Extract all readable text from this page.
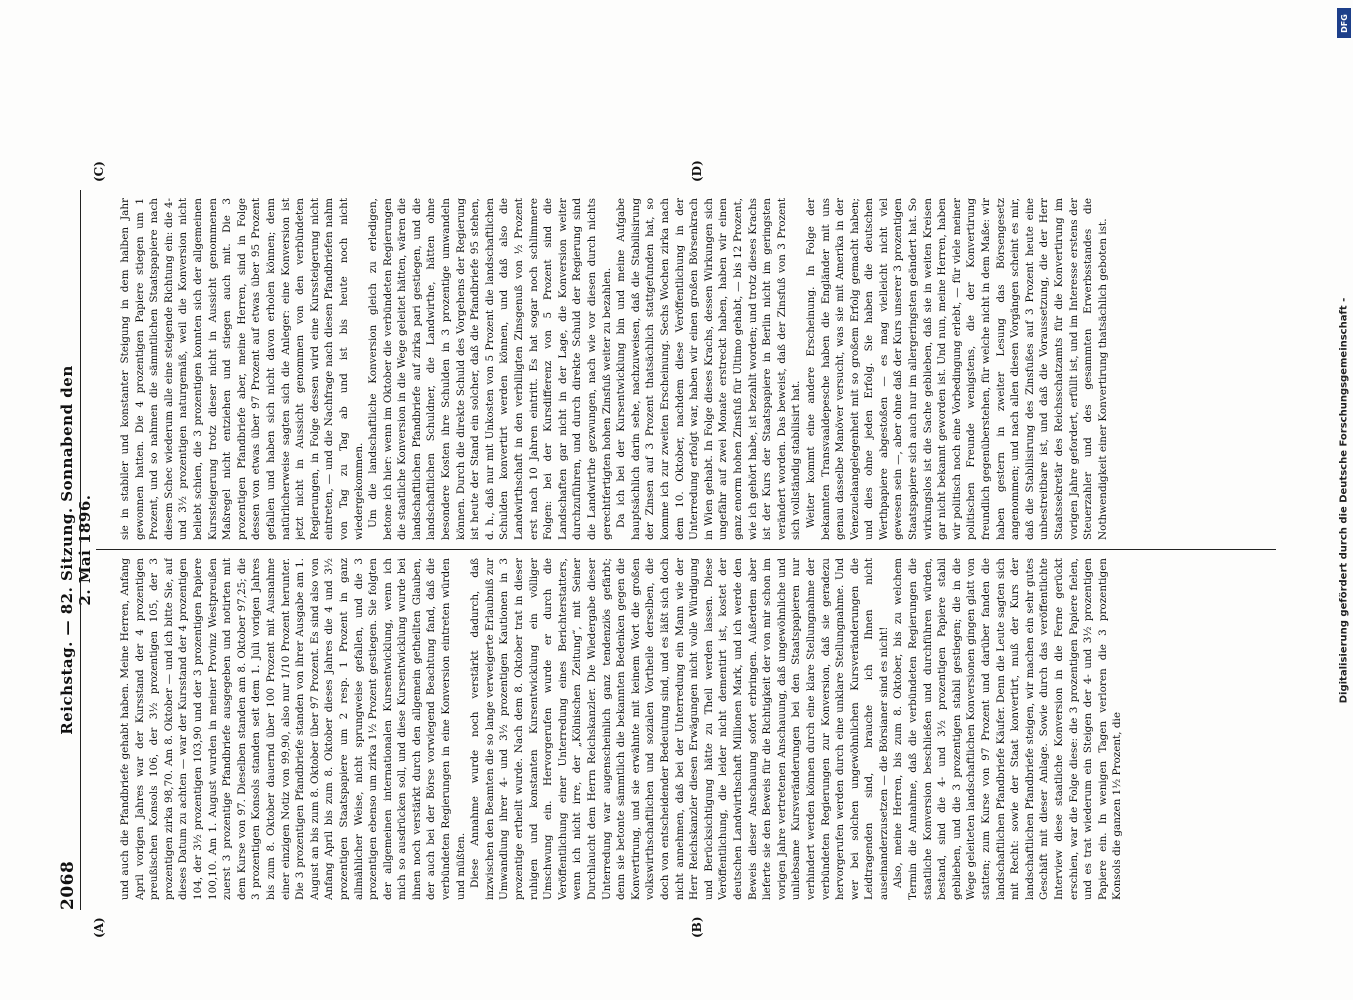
2068
Reichstag. — 82. Sitzung. Sonnabend den 2. Mai 1896.
(A)	(B)
(C)	(D)

und auch die Pfandbriefe gehabt haben. Meine Herren, Anfang April vorigen Jahres war der Kursstand der 4 prozentigen preußischen Konsols 106, der 3½ prozentigen 105, der 3 prozentigen zirka 98,70. Am 8. Oktober — und ich bitte Sie, auf dieses Datum zu achten — war der Kursstand der 4 prozentigen 104, der 3½ prozentigen 103,90 und der 3 prozentigen Papiere 100,10. Am 1. August wurden in meiner Provinz Westpreußen zuerst 3 prozentige Pfandbriefe ausgegeben und notirten mit dem Kurse von 97. Dieselben standen am 8. Oktober 97,25; die 3 prozentigen Konsols standen seit dem 1. Juli vorigen Jahres bis zum 8. Oktober dauernd über 100 Prozent mit Ausnahme einer einzigen Notiz von 99,90, also nur 1/10 Prozent herunter. Die 3 prozentigen Pfandbriefe standen von ihrer Ausgabe am 1. August an bis zum 8. Oktober über 97 Prozent. Es sind also von Anfang April bis zum 8. Oktober dieses Jahres die 4 und 3½ prozentigen Staatspapiere um 2 resp. 1 Prozent in ganz allmählicher Weise, nicht sprungweise gefallen, und die 3 prozentigen ebenso um zirka 1½ Prozent gestiegen. Sie folgten der allgemeinen internationalen Kursentwicklung, wenn ich mich so ausdrücken soll, und diese Kursentwicklung wurde bei ihnen noch verstärkt durch den allgemein getheilten Glauben, der auch bei der Börse vorwiegend Beachtung fand, daß die verbündeten Regierungen in eine Konversion eintreten würden und müßten. Diese Annahme wurde noch verstärkt dadurch, daß inzwischen den Beamten die so lange verweigerte Erlaubniß zur Umwandlung ihrer 4- und 3½ prozentigen Kautionen in 3 prozentige ertheilt wurde. Nach dem 8. Oktober trat in dieser ruhigen und konstanten Kursentwicklung ein völliger Umschwung ein. Hervorgerufen wurde er durch die Veröffentlichung einer Unterredung eines Berichterstatters, wenn ich nicht irre, der „Kölnischen Zeitung“, mit Seiner Durchlaucht dem Herrn Reichskanzler. Die Wiedergabe dieser Unterredung war augenscheinlich ganz tendenziös gefärbt; denn sie betonte sämmtlich die bekannten Bedenken gegen die Konvertirung, und sie erwähnte mit keinem Wort die großen volkswirthschaftlichen und sozialen Vortheile derselben, die doch von entscheidender Bedeutung sind, und es läßt sich doch nicht annehmen, daß bei der Unterredung ein Mann wie der Herr Reichskanzler diesen Erwägungen nicht volle Würdigung und Berücksichtigung hätte zu Theil werden lassen. Diese Veröffentlichung, die leider nicht dementirt ist, kostet der deutschen Landwirthschaft Millionen Mark, und ich werde den Beweis dieser Anschauung sofort erbringen. Außerdem aber lieferte sie den Beweis für die Richtigkeit der von mir schon im vorigen Jahre vertretenen Anschauung, daß ungewöhnliche und unliebsame Kursveränderungen bei den Staatspapieren nur verhindert werden können durch eine klare Stellungnahme der verbündeten Regierungen zur Konversion, daß sie geradezu hervorgerufen werden durch eine unklare Stellungnahme. Und wer bei solchen ungewöhnlichen Kursveränderungen die Leidtragenden sind, brauche ich Ihnen nicht auseinanderzusetzen — die Börsianer sind es nicht! Also, meine Herren, bis zum 8. Oktober, bis zu welchem Termin die Annahme, daß die verbündeten Regierungen die staatliche Konversion beschließen und durchführen würden, bestand, sind die 4- und 3½ prozentigen Papiere stabil geblieben, und die 3 prozentigen stabil gestiegen; die in die Wege geleiteten landschaftlichen Konversionen gingen glatt von statten; zum Kurse von 97 Prozent und darüber fanden die landschaftlichen Pfandbriefe Käufer. Denn die Leute sagten sich mit Recht: sowie der Staat konvertirt, muß der Kurs der landschaftlichen Pfandbriefe steigen, wir machen ein sehr gutes Geschäft mit dieser Anlage. Sowie durch das veröffentlichte Interview diese staatliche Konversion in die Ferne gerückt erschien, war die Folge diese: die 3 prozentigen Papiere fielen, und es trat wiederum ein Steigen der 4- und 3½ prozentigen Papiere ein. In wenigen Tagen verloren die 3 prozentigen Konsols die ganzen 1½ Prozent, die

sie in stabiler und konstanter Steigung in dem halben Jahr gewonnen hatten. Die 4 prozentigen Papiere stiegen um 1 Prozent, und so nahmen die sämmtlichen Staatspapiere nach diesem Schec wiederum alle eine steigende Richtung ein: die 4- und 3½ prozentigen naturgemäß, weil die Konversion nicht beliebt schien, die 3 prozentigen konnten sich der allgemeinen Kurssteigerung trotz dieser nicht in Aussicht genommenen Maßregel nicht entziehen und stiegen auch mit. Die 3 prozentigen Pfandbriefe aber, meine Herren, sind in Folge dessen von etwas über 97 Prozent auf etwas über 95 Prozent gefallen und haben sich nicht davon erholen können; denn natürlicherweise sagten sich die Anleger: eine Konversion ist jetzt nicht in Aussicht genommen von den verbündeten Regierungen, in Folge dessen wird eine Kurssteigerung nicht eintreten, — und die Nachfrage nach diesen Pfandbriefen nahm von Tag zu Tag ab und ist bis heute noch nicht wiedergekommen. Um die landschaftliche Konversion gleich zu erledigen, betone ich hier: wenn im Oktober die verbündeten Regierungen die staatliche Konversion in die Wege geleitet hätten, wären die landschaftlichen Pfandbriefe auf zirka pari gestiegen, und die landschaftlichen Schuldner, die Landwirthe, hätten ohne besondere Kosten ihre Schulden in 3 prozentige umwandeln können. Durch die direkte Schuld des Vorgehens der Regierung ist heute der Stand ein solcher, daß die Pfandbriefe 95 stehen, d. h., daß nur mit Unkosten von 5 Prozent die landschaftlichen Schulden konvertirt werden können, und daß also die Landwirthschaft in den verbilligten Zinsgenuß von ½ Prozent erst nach 10 Jahren eintritt. Es hat sogar noch schlimmere Folgen: bei der Kursdifferenz von 5 Prozent sind die Landschaften gar nicht in der Lage, die Konversion weiter durchzuführen, und durch direkte Schuld der Regierung sind die Landwirthe gezwungen, nach wie vor diesen durch nichts gerechtfertigten hohen Zinsfuß weiter zu bezahlen. Da ich bei der Kursentwicklung bin und meine Aufgabe hauptsächlich darin sehe, nachzuweisen, daß die Stabilisirung der Zinsen auf 3 Prozent thatsächlich stattgefunden hat, so komme ich zur zweiten Erscheinung. Sechs Wochen zirka nach dem 10. Oktober, nachdem diese Veröffentlichung in der Unterredung erfolgt war, haben wir einen großen Börsenkrach in Wien gehabt. In Folge dieses Krachs, dessen Wirkungen sich ungefähr auf zwei Monate erstreckt haben, haben wir einen ganz enorm hohen Zinsfuß für Ultimo gehabt, — bis 12 Prozent, wie ich gehört habe, ist bezahlt worden; und trotz dieses Krachs ist der Kurs der Staatspapiere in Berlin nicht im geringsten verändert worden. Das beweist, daß der Zinsfuß von 3 Prozent sich vollständig stabilisirt hat. Weiter kommt eine andere Erscheinung. In Folge der bekannten Transvaaldepesche haben die Engländer mit uns genau dasselbe Manöver versucht, was sie mit Amerika in der Venezuelaangelegenheit mit so großem Erfolg gemacht haben; und dies ohne jeden Erfolg. Sie haben die deutschen Werthpapiere abgestoßen — es mag vielleicht nicht viel gewesen sein —, aber ohne daß der Kurs unserer 3 prozentigen Staatspapiere sich auch nur im allergeringsten geändert hat. So wirkungslos ist die Sache geblieben, daß sie in weiten Kreisen gar nicht bekannt geworden ist. Und nun, meine Herren, haben wir politisch noch eine Vorbedingung erlebt, — für viele meiner politischen Freunde wenigstens, die der Konvertirung freundlich gegenüberstehen, für welche nicht in dem Maße: wir haben gestern in zweiter Lesung das Börsengesetz angenommen; und nach allen diesen Vorgängen scheint es mir, daß die Stabilisirung des Zinsfußes auf 3 Prozent heute eine unbestreitbare ist, und daß die Voraussetzung, die der Herr Staatssekretär des Reichsschatzamts für die Konvertirung im vorigen Jahre gefordert, erfüllt ist, und im Interesse erstens der Steuerzahler und des gesammten Erwerbsstandes die Nothwendigkeit einer Konvertirung thatsächlich geboten ist.

DFG
Digitalisierung gefördert durch die Deutsche Forschungsgemeinschaft -
